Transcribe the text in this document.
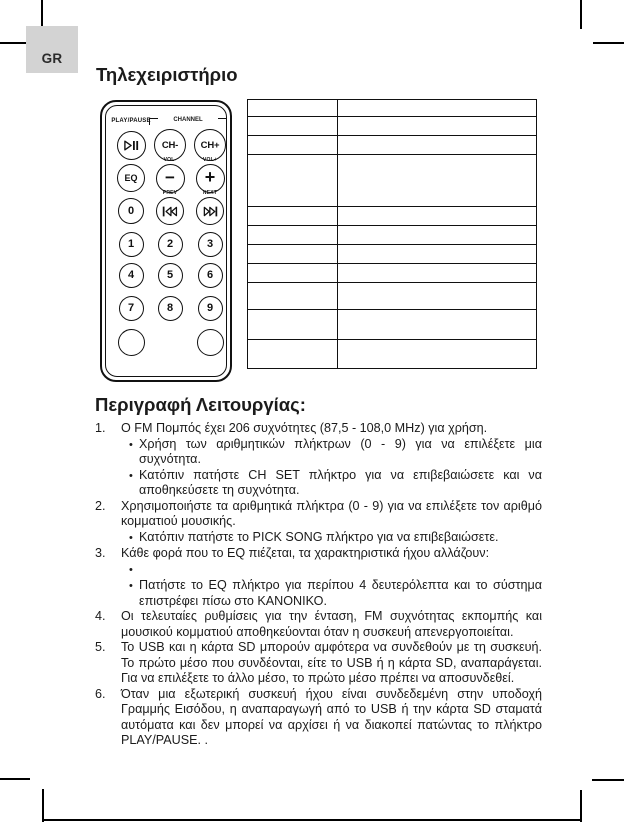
GR
Τηλεχειριστήριο
PLAY/PAUSE	CHANNEL
CH-	CH+
EQ
VOL-	VOL+
− +
0
PREV	NEXT
1	2	3
4	5	6
7	8	9

Περιγραφή Λειτουργίας:
1.	Ο FM Πομπός έχει 206 συχνότητες (87,5 - 108,0 MHz) για χρήση.
•
Χρήση των αριθμητικών πλήκτρων (0 - 9) για να επιλέξετε μια συχνότητα.
•
Κατόπιν πατήστε CH SET πλήκτρο για να επιβεβαιώσετε και να αποθηκεύσετε τη συχνότητα.
2.	Χρησιμοποιήστε τα αριθμητικά πλήκτρα (0 - 9) για να επιλέξετε τον αριθμό κομματιού μουσικής.
•
Κατόπιν πατήστε το PICK SONG πλήκτρο για να επιβεβαιώσετε.
3.	Κάθε φορά που το EQ πιέζεται, τα χαρακτηριστικά ήχου αλλάζουν:
•
•
Πατήστε το EQ πλήκτρο για περίπου 4 δευτερόλεπτα και το σύστημα επιστρέφει πίσω στο ΚΑΝΟΝΙΚΟ.
4.	Οι τελευταίες ρυθμίσεις για την ένταση, FM συχνότητας εκπομπής και μουσικού κομματιού αποθηκεύονται όταν η συσκευή απενεργοποιείται.
5.	Το USB και η κάρτα SD μπορούν αμφότερα να συνδεθούν με τη συσκευή. Το πρώτο μέσο που συνδέονται, είτε το USB ή η κάρτα SD, αναπαράγεται. Για να επιλέξετε το άλλο μέσο, το πρώτο μέσο πρέπει να αποσυνδεθεί.
6.	Όταν μια εξωτερική συσκευή ήχου είναι συνδεδεμένη στην υποδοχή Γραμμής Εισόδου, η αναπαραγωγή από το USB ή την κάρτα SD σταματά αυτόματα και δεν μπορεί να αρχίσει ή να διακοπεί πατώντας το πλήκτρο PLAY/PAUSE. .
